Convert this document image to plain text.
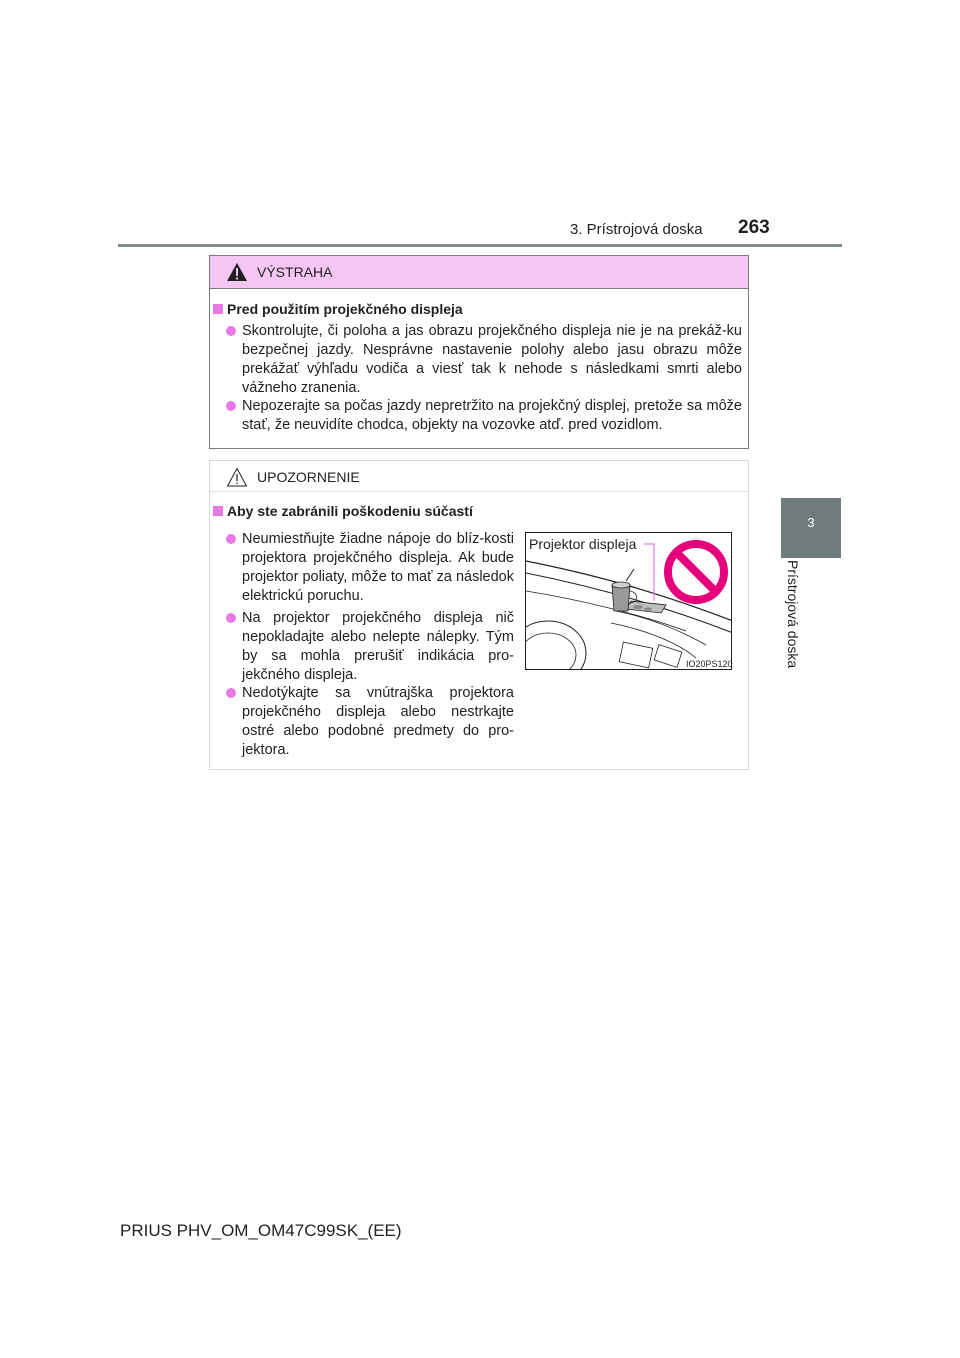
3. Prístrojová doska 263
3
Prístrojová doska
VÝSTRAHA
Pred použitím projekčného displeja

Skontrolujte, či poloha a jas obrazu projekčného displeja nie je na prekáž-ku bezpečnej jazdy. Nesprávne nastavenie polohy alebo jasu obrazu môže prekážať výhľadu vodiča a viesť tak k nehode s následkami smrti alebo vážneho zranenia.

Nepozerajte sa počas jazdy nepretržito na projekčný displej, pretože sa môže stať, že neuvidíte chodca, objekty na vozovke atď. pred vozidlom.

UPOZORNENIE
Aby ste zabránili poškodeniu súčastí

Neumiestňujte žiadne nápoje do blíz-kosti projektora projekčného displeja. Ak bude projektor poliaty, môže to mať za následok elektrickú poruchu.

Na projektor projekčného displeja nič nepokladajte alebo nelepte nálepky. Tým by sa mohla prerušiť indikácia pro-jekčného displeja.

Nedotýkajte sa vnútrajška projektora projekčného displeja alebo nestrkajte ostré alebo podobné predmety do pro-jektora.

Projektor displeja
IO20PS120
PRIUS PHV_OM_OM47C99SK_(EE)
